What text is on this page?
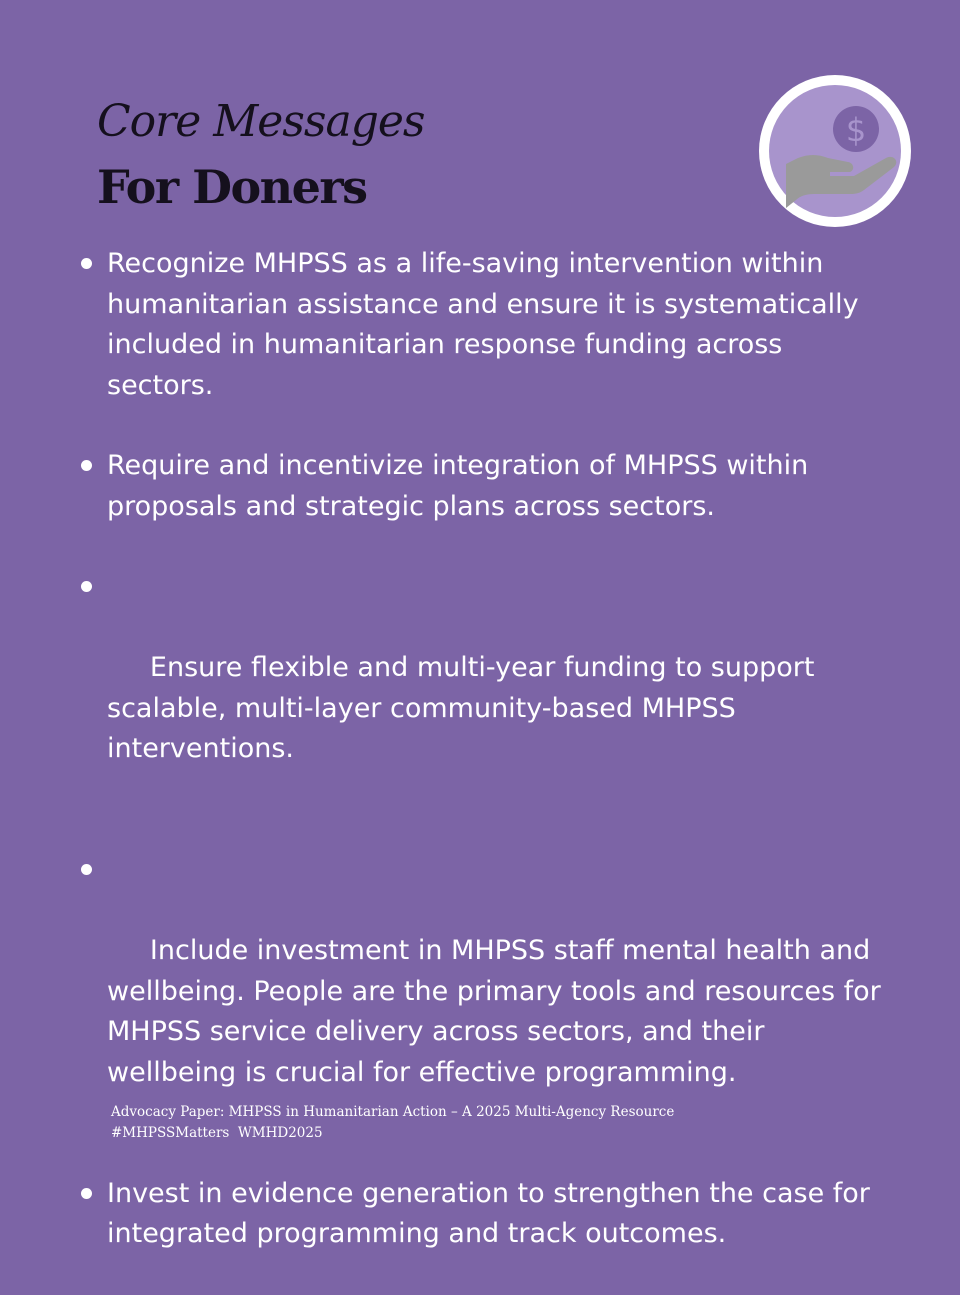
Core Messages
For Doners
$
Recognize MHPSS as a life-saving intervention within humanitarian assistance and ensure it is systematically included in humanitarian response funding across sectors.
Require and incentivize integration of MHPSS within proposals and strategic plans across sectors.

Ensure flexible and multi-year funding to support scalable, multi-layer community-based MHPSS interventions.

Include investment in MHPSS staff mental health and wellbeing. People are the primary tools and resources for MHPSS service delivery across sectors, and their wellbeing is crucial for effective programming.

Invest in evidence generation to strengthen the case for integrated programming and track outcomes.
Advocacy Paper: MHPSS in Humanitarian Action – A 2025 Multi-Agency Resource
#MHPSSMatters  WMHD2025
